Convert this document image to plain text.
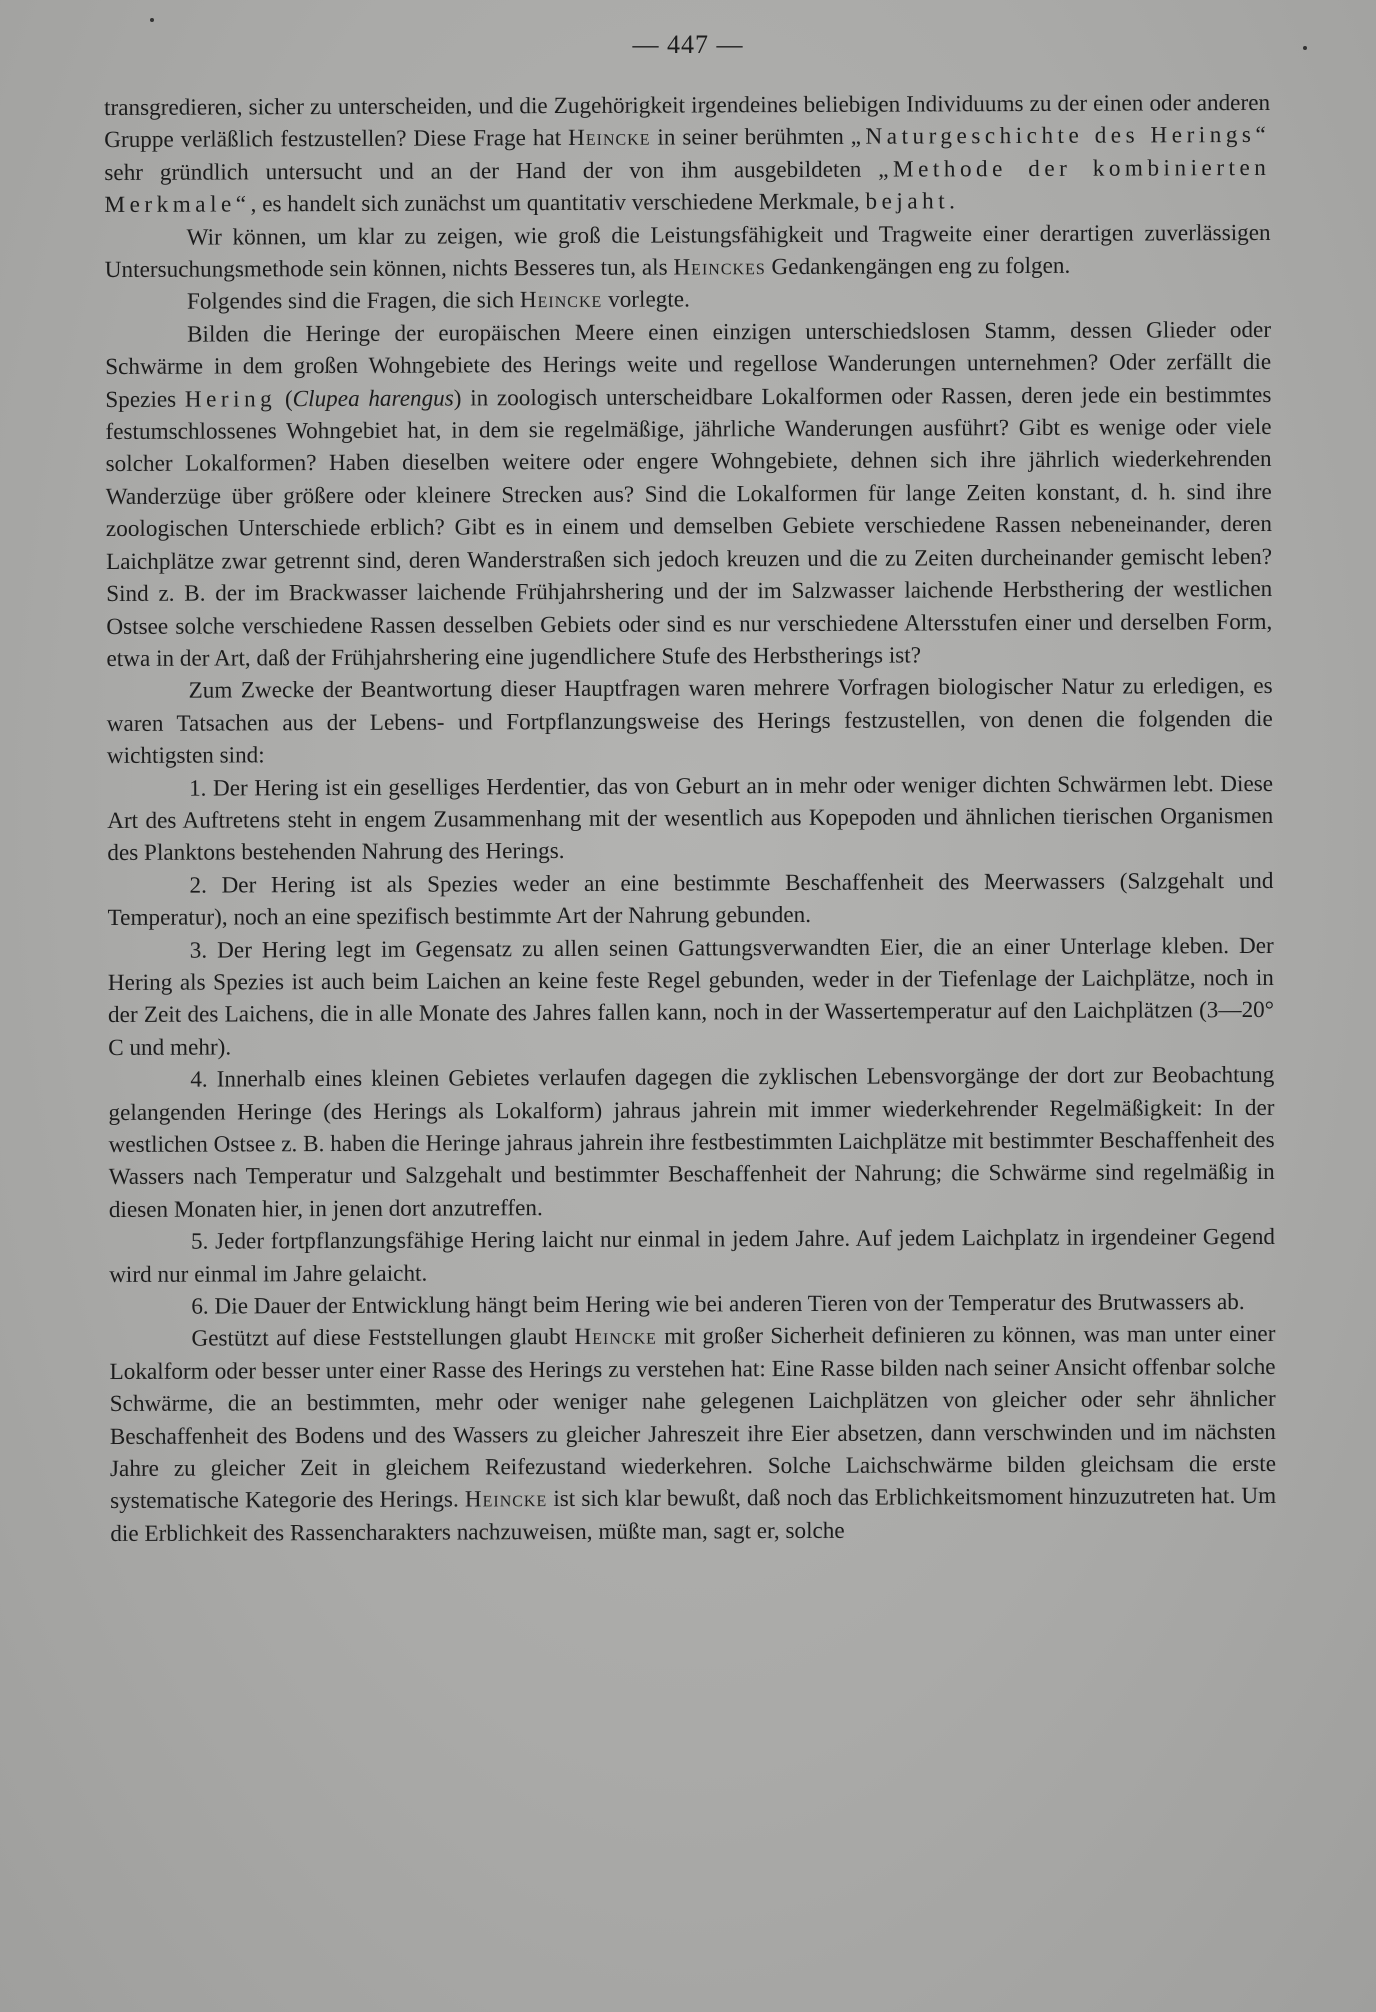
— 447 —

transgredieren, sicher zu unterscheiden, und die Zugehörigkeit irgendeines beliebigen Individuums zu der einen oder anderen Gruppe verläßlich festzustellen? Diese Frage hat Heincke in seiner berühmten „Naturgeschichte des Herings“ sehr gründlich untersucht und an der Hand der von ihm ausgebildeten „Methode der kombinierten Merkmale“, es handelt sich zunächst um quantitativ verschiedene Merkmale, bejaht.

Wir können, um klar zu zeigen, wie groß die Leistungsfähigkeit und Tragweite einer derartigen zuverlässigen Untersuchungsmethode sein können, nichts Besseres tun, als Heinckes Gedankengängen eng zu folgen.

Folgendes sind die Fragen, die sich Heincke vorlegte.

Bilden die Heringe der europäischen Meere einen einzigen unterschiedslosen Stamm, dessen Glieder oder Schwärme in dem großen Wohngebiete des Herings weite und regellose Wanderungen unternehmen? Oder zerfällt die Spezies Hering (Clupea harengus) in zoologisch unterscheidbare Lokalformen oder Rassen, deren jede ein bestimmtes festumschlossenes Wohngebiet hat, in dem sie regelmäßige, jährliche Wanderungen ausführt? Gibt es wenige oder viele solcher Lokalformen? Haben dieselben weitere oder engere Wohngebiete, dehnen sich ihre jährlich wiederkehrenden Wanderzüge über größere oder kleinere Strecken aus? Sind die Lokalformen für lange Zeiten konstant, d. h. sind ihre zoologischen Unterschiede erblich? Gibt es in einem und demselben Gebiete verschiedene Rassen nebeneinander, deren Laichplätze zwar getrennt sind, deren Wanderstraßen sich jedoch kreuzen und die zu Zeiten durcheinander gemischt leben? Sind z. B. der im Brackwasser laichende Frühjahrshering und der im Salzwasser laichende Herbsthering der westlichen Ostsee solche verschiedene Rassen desselben Gebiets oder sind es nur verschiedene Altersstufen einer und derselben Form, etwa in der Art, daß der Frühjahrshering eine jugendlichere Stufe des Herbstherings ist?

Zum Zwecke der Beantwortung dieser Hauptfragen waren mehrere Vorfragen biologischer Natur zu erledigen, es waren Tatsachen aus der Lebens- und Fortpflanzungsweise des Herings festzustellen, von denen die folgenden die wichtigsten sind:

1. Der Hering ist ein geselliges Herdentier, das von Geburt an in mehr oder weniger dichten Schwärmen lebt. Diese Art des Auftretens steht in engem Zusammenhang mit der wesentlich aus Kopepoden und ähnlichen tierischen Organismen des Planktons bestehenden Nahrung des Herings.

2. Der Hering ist als Spezies weder an eine bestimmte Beschaffenheit des Meerwassers (Salzgehalt und Temperatur), noch an eine spezifisch bestimmte Art der Nahrung gebunden.

3. Der Hering legt im Gegensatz zu allen seinen Gattungsverwandten Eier, die an einer Unterlage kleben. Der Hering als Spezies ist auch beim Laichen an keine feste Regel gebunden, weder in der Tiefenlage der Laichplätze, noch in der Zeit des Laichens, die in alle Monate des Jahres fallen kann, noch in der Wassertemperatur auf den Laichplätzen (3—20° C und mehr).

4. Innerhalb eines kleinen Gebietes verlaufen dagegen die zyklischen Lebensvorgänge der dort zur Beobachtung gelangenden Heringe (des Herings als Lokalform) jahraus jahrein mit immer wiederkehrender Regelmäßigkeit: In der westlichen Ostsee z. B. haben die Heringe jahraus jahrein ihre festbestimmten Laichplätze mit bestimmter Beschaffenheit des Wassers nach Temperatur und Salzgehalt und bestimmter Beschaffenheit der Nahrung; die Schwärme sind regelmäßig in diesen Monaten hier, in jenen dort anzutreffen.

5. Jeder fortpflanzungsfähige Hering laicht nur einmal in jedem Jahre. Auf jedem Laichplatz in irgendeiner Gegend wird nur einmal im Jahre gelaicht.

6. Die Dauer der Entwicklung hängt beim Hering wie bei anderen Tieren von der Temperatur des Brutwassers ab.

Gestützt auf diese Feststellungen glaubt Heincke mit großer Sicherheit definieren zu können, was man unter einer Lokalform oder besser unter einer Rasse des Herings zu verstehen hat: Eine Rasse bilden nach seiner Ansicht offenbar solche Schwärme, die an bestimmten, mehr oder weniger nahe gelegenen Laichplätzen von gleicher oder sehr ähnlicher Beschaffenheit des Bodens und des Wassers zu gleicher Jahreszeit ihre Eier absetzen, dann verschwinden und im nächsten Jahre zu gleicher Zeit in gleichem Reifezustand wiederkehren. Solche Laichschwärme bilden gleichsam die erste systematische Kategorie des Herings. Heincke ist sich klar bewußt, daß noch das Erblichkeitsmoment hinzuzutreten hat. Um die Erblichkeit des Rassencharakters nachzuweisen, müßte man, sagt er, solche
